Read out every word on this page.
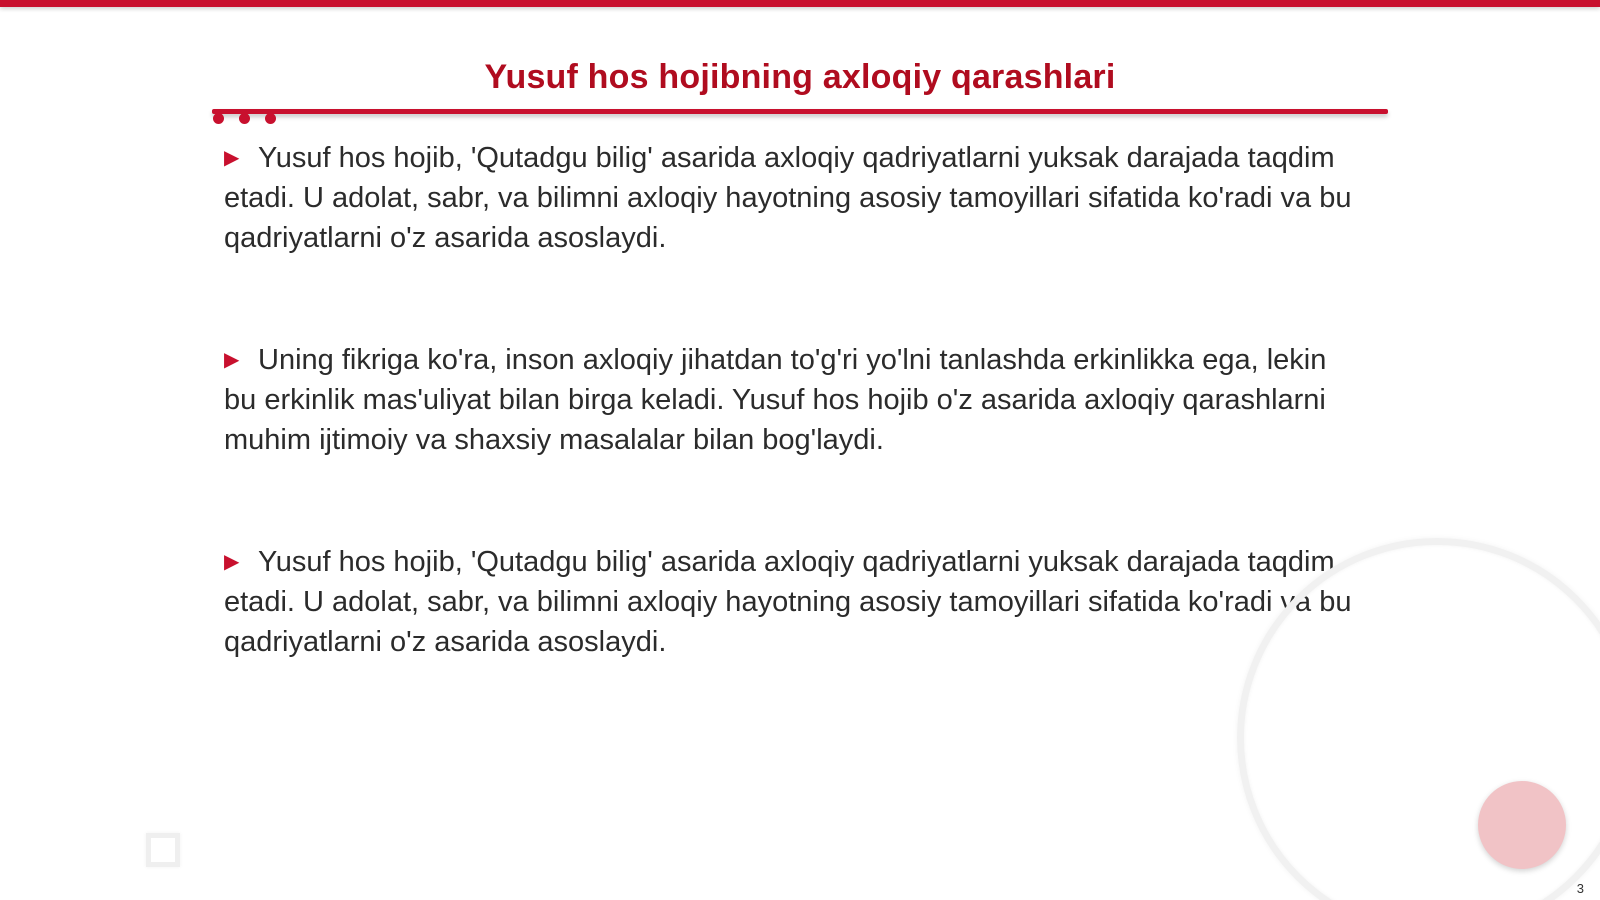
Yusuf hos hojibning axloqiy qarashlari

▶ Yusuf hos hojib, 'Qutadgu bilig' asarida axloqiy qadriyatlarni yuksak darajada taqdim etadi. U adolat, sabr, va bilimni axloqiy hayotning asosiy tamoyillari sifatida ko'radi va bu qadriyatlarni o'z asarida asoslaydi.

▶ Uning fikriga ko'ra, inson axloqiy jihatdan to'g'ri yo'lni tanlashda erkinlikka ega, lekin bu erkinlik mas'uliyat bilan birga keladi. Yusuf hos hojib o'z asarida axloqiy qarashlarni muhim ijtimoiy va shaxsiy masalalar bilan bog'laydi.

▶ Yusuf hos hojib, 'Qutadgu bilig' asarida axloqiy qadriyatlarni yuksak darajada taqdim etadi. U adolat, sabr, va bilimni axloqiy hayotning asosiy tamoyillari sifatida ko'radi va bu qadriyatlarni o'z asarida asoslaydi.

3
